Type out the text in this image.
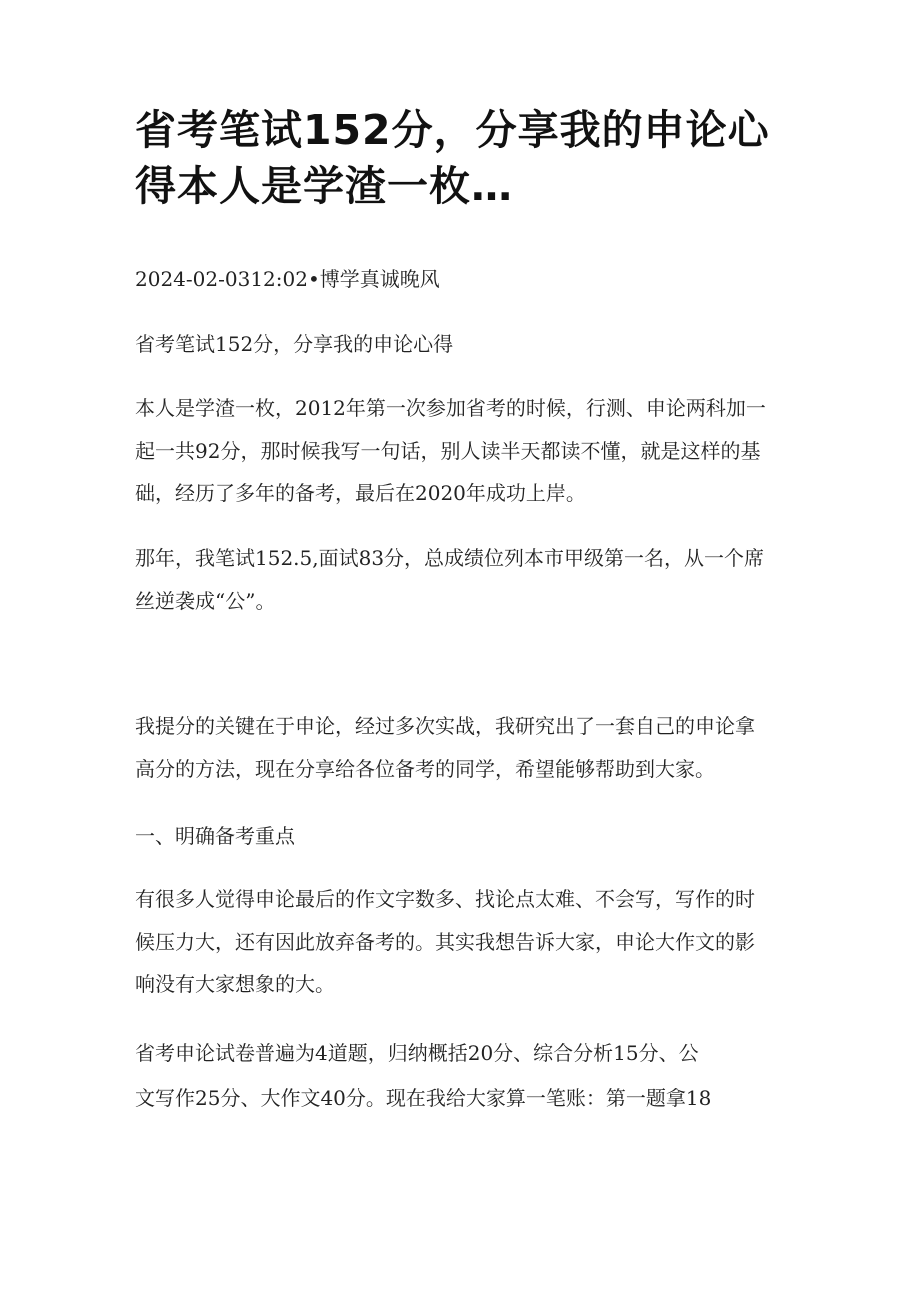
省考笔试152分，分享我的申论心
得本人是学渣一枚…
2024-02-0312:02•博学真诚晚风
省考笔试152分，分享我的申论心得
本人是学渣一枚，2012年第一次参加省考的时候，行测、申论两科加一
起一共92分，那时候我写一句话，别人读半天都读不懂，就是这样的基
础，经历了多年的备考，最后在2020年成功上岸。
那年，我笔试152.5,面试83分，总成绩位列本市甲级第一名，从一个席
丝逆袭成“公”。
我提分的关键在于申论，经过多次实战，我研究出了一套自己的申论拿
高分的方法，现在分享给各位备考的同学，希望能够帮助到大家。
一、明确备考重点
有很多人觉得申论最后的作文字数多、找论点太难、不会写，写作的时
候压力大，还有因此放弃备考的。其实我想告诉大家，申论大作文的影
响没有大家想象的大。
省考申论试卷普遍为4道题，归纳概括20分、综合分析15分、公
文写作25分、大作文40分。现在我给大家算一笔账：第一题拿18
